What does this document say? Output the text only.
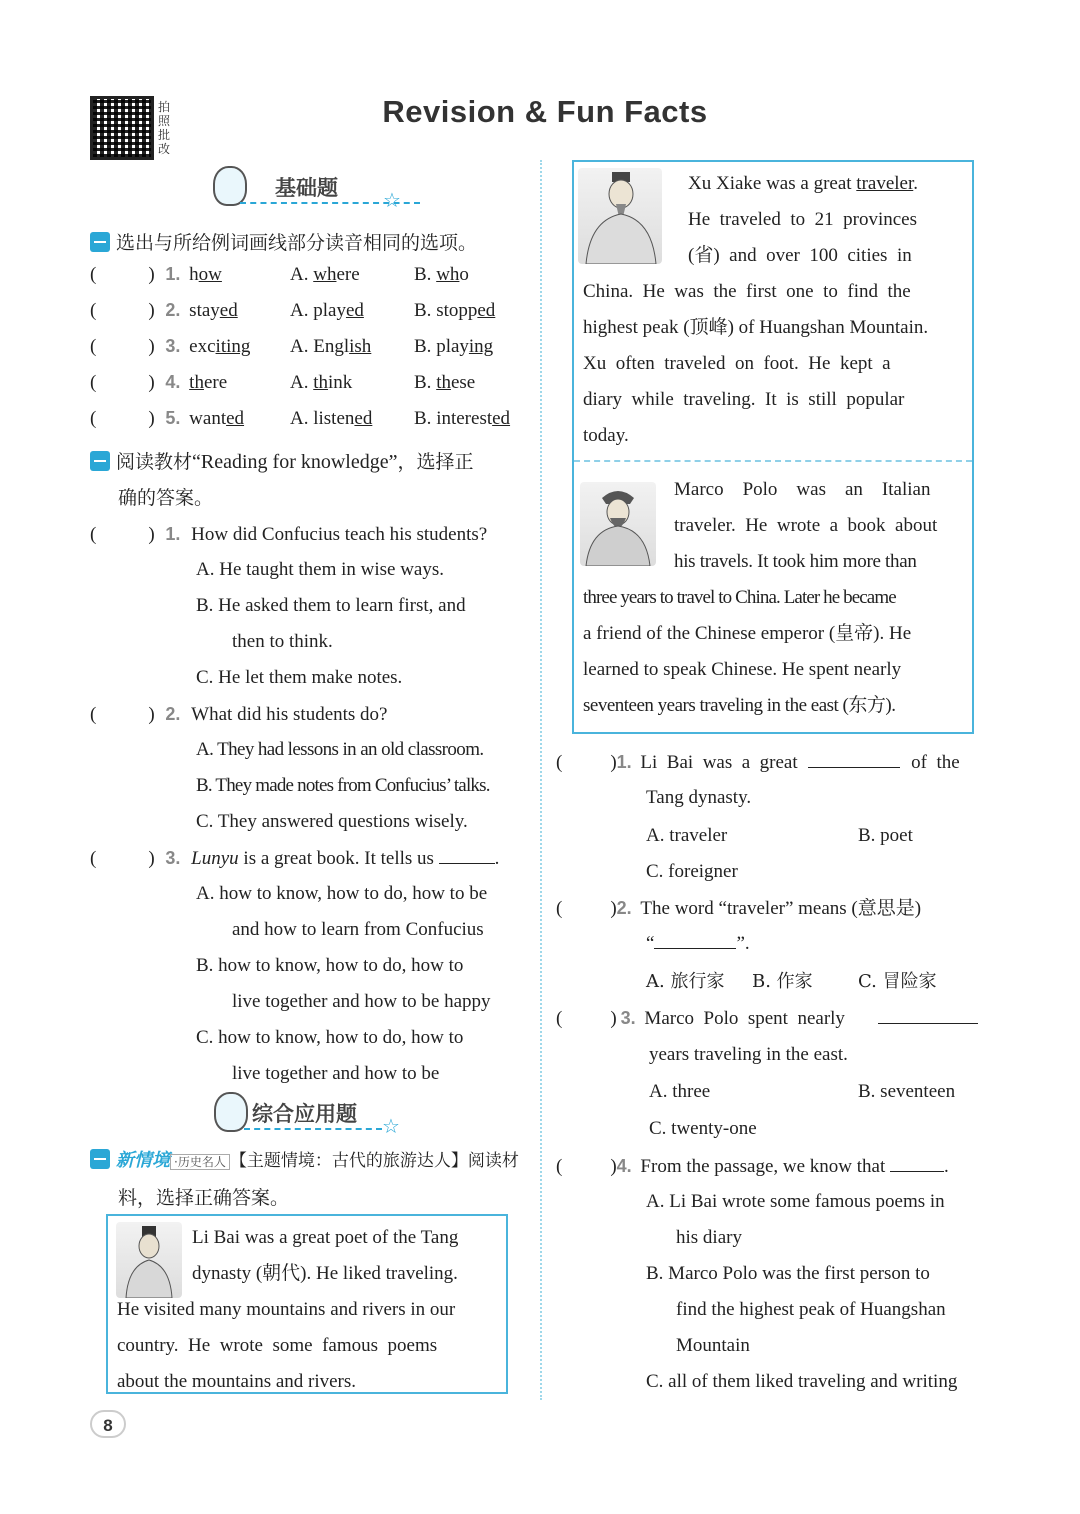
拍照批改
Revision & Fun Facts
基础题 ☆
选出与所给例词画线部分读音相同的选项。
(	) 1. how	A. where	B. who
(	) 2. stayed	A. played	B. stopped
(	) 3. exciting A. English B. playing
(	) 4. there	A. think	B. these
(	) 5. wanted A. listened B. interested
阅读教材“Reading for knowledge”，选择正
确的答案。
(	) 1. How did Confucius teach his students?
A. He taught them in wise ways.
B. He asked them to learn first, and
then to think.
C. He let them make notes.
(	) 2. What did his students do?
A. They had lessons in an old classroom.
B. They made notes from Confucius’ talks.
C. They answered questions wisely.
(	) 3. Lunyu is a great book. It tells us	.
A. how to know, how to do, how to be
and how to learn from Confucius
B. how to know, how to do, how to
live together and how to be happy
C. how to know, how to do, how to
live together and how to be
综合应用题 ☆
新情境 ·历史名人 【主题情境：古代的旅游达人】阅读材
料，选择正确答案。
Li Bai was a great poet of the Tang
dynasty (朝代). He liked traveling.
He visited many mountains and rivers in our
country.  He  wrote  some  famous  poems
about the mountains and rivers.
Xu Xiake was a great traveler.
He  traveled  to  21  provinces
(省)  and  over  100  cities  in
China.  He  was  the  first  one  to  find  the
highest peak (顶峰) of Huangshan Mountain.
Xu  often  traveled  on  foot.  He  kept  a
diary  while  traveling.  It  is  still  popular
today.
Marco    Polo    was    an    Italian
traveler.  He  wrote  a  book  about
his travels. It took him more than
three years to travel to China. Later he became
a friend of the Chinese emperor (皇帝). He
learned to speak Chinese. He spent nearly
seventeen years traveling in the east (东方).
(	)1. Li  Bai  was  a  great	of  the
Tang dynasty.
A. traveler	B. poet
C. foreigner
(	)2. The word “traveler” means (意思是)
“	”.
A. 旅行家 B. 作家	C. 冒险家
(	) 3. Marco  Polo  spent  nearly
years traveling in the east.
A. three	B. seventeen
C. twenty-one
(	)4. From the passage, we know that	.
A. Li Bai wrote some famous poems in
his diary
B. Marco Polo was the first person to
find the highest peak of Huangshan
Mountain
C. all of them liked traveling and writing
8
